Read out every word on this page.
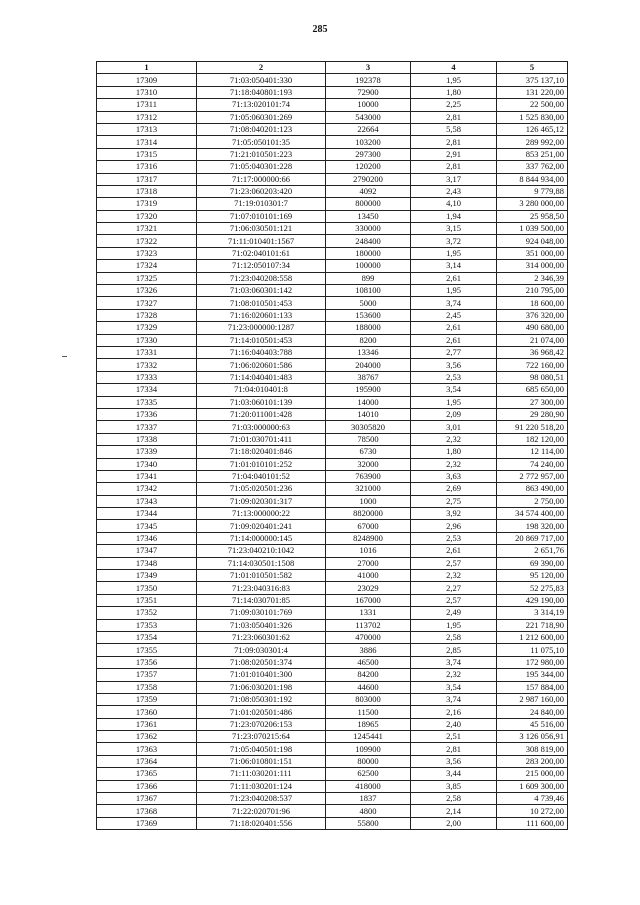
285
1	2	3	4	5
17309	71:03:050401:330	192378	1,95	375 137,10
17310	71:18:040801:193	72900	1,80	131 220,00
17311	71:13:020101:74	10000	2,25	22 500,00
17312	71:05:060301:269	543000	2,81	1 525 830,00
17313	71:08:040201:123	22664	5,58	126 465,12
17314	71:05:050101:35	103200	2,81	289 992,00
17315	71:21:010501:223	297300	2,91	853 251,00
17316	71:05:040301:228	120200	2,81	337 762,00
17317	71:17:000000:66	2790200	3,17	8 844 934,00
17318	71:23:060203:420	4092	2,43	9 779,88
17319	71:19:010301:7	800000	4,10	3 280 000,00
17320	71:07:010101:169	13450	1,94	25 958,50
17321	71:06:030501:121	330000	3,15	1 039 500,00
17322	71:11:010401:1567	248400	3,72	924 048,00
17323	71:02:040101:61	180000	1,95	351 000,00
17324	71:12:050107:34	100000	3,14	314 000,00
17325	71:23:040208:558	899	2,61	2 346,39
17326	71:03:060301:142	108100	1,95	210 795,00
17327	71:08:010501:453	5000	3,74	18 600,00
17328	71:16:020601:133	153600	2,45	376 320,00
17329	71:23:000000:1287	188000	2,61	490 680,00
17330	71:14:010501:453	8200	2,61	21 074,00
17331	71:16:040403:788	13346	2,77	36 968,42
17332	71:06:020601:586	204000	3,56	722 160,00
17333	71:14:040401:483	38767	2,53	98 080,51
17334	71:04:010401:8	195900	3,54	685 650,00
17335	71:03:060101:139	14000	1,95	27 300,00
17336	71:20:011001:428	14010	2,09	29 280,90
17337	71:03:000000:63	30305820	3,01	91 220 518,20
17338	71:01:030701:411	78500	2,32	182 120,00
17339	71:18:020401:846	6730	1,80	12 114,00
17340	71:01:010101:252	32000	2,32	74 240,00
17341	71:04:040101:52	763900	3,63	2 772 957,00
17342	71:05:020501:236	321000	2,69	863 490,00
17343	71:09:020301:317	1000	2,75	2 750,00
17344	71:13:000000:22	8820000	3,92	34 574 400,00
17345	71:09:020401:241	67000	2,96	198 320,00
17346	71:14:000000:145	8248900	2,53	20 869 717,00
17347	71:23:040210:1042	1016	2,61	2 651,76
17348	71:14:030501:1508	27000	2,57	69 390,00
17349	71:01:010501:582	41000	2,32	95 120,00
17350	71:23:040316:83	23029	2,27	52 275,83
17351	71:14:030701:85	167000	2,57	429 190,00
17352	71:09:030101:769	1331	2,49	3 314,19
17353	71:03:050401:326	113702	1,95	221 718,90
17354	71:23:060301:62	470000	2,58	1 212 600,00
17355	71:09:030301:4	3886	2,85	11 075,10
17356	71:08:020501:374	46500	3,74	172 980,00
17357	71:01:010401:300	84200	2,32	195 344,00
17358	71:06:030201:198	44600	3,54	157 884,00
17359	71:08:050301:192	803000	3,74	2 987 160,00
17360	71:01:020501:486	11500	2,16	24 840,00
17361	71:23:070206:153	18965	2,40	45 516,00
17362	71:23:070215:64	1245441	2,51	3 126 056,91
17363	71:05:040501:198	109900	2,81	308 819,00
17364	71:06:010801:151	80000	3,56	283 200,00
17365	71:11:030201:111	62500	3,44	215 000,00
17366	71:11:030201:124	418000	3,85	1 609 300,00
17367	71:23:040208:537	1837	2,58	4 739,46
17368	71:22:020701:96	4800	2,14	10 272,00
17369	71:18:020401:556	55800	2,00	111 600,00
